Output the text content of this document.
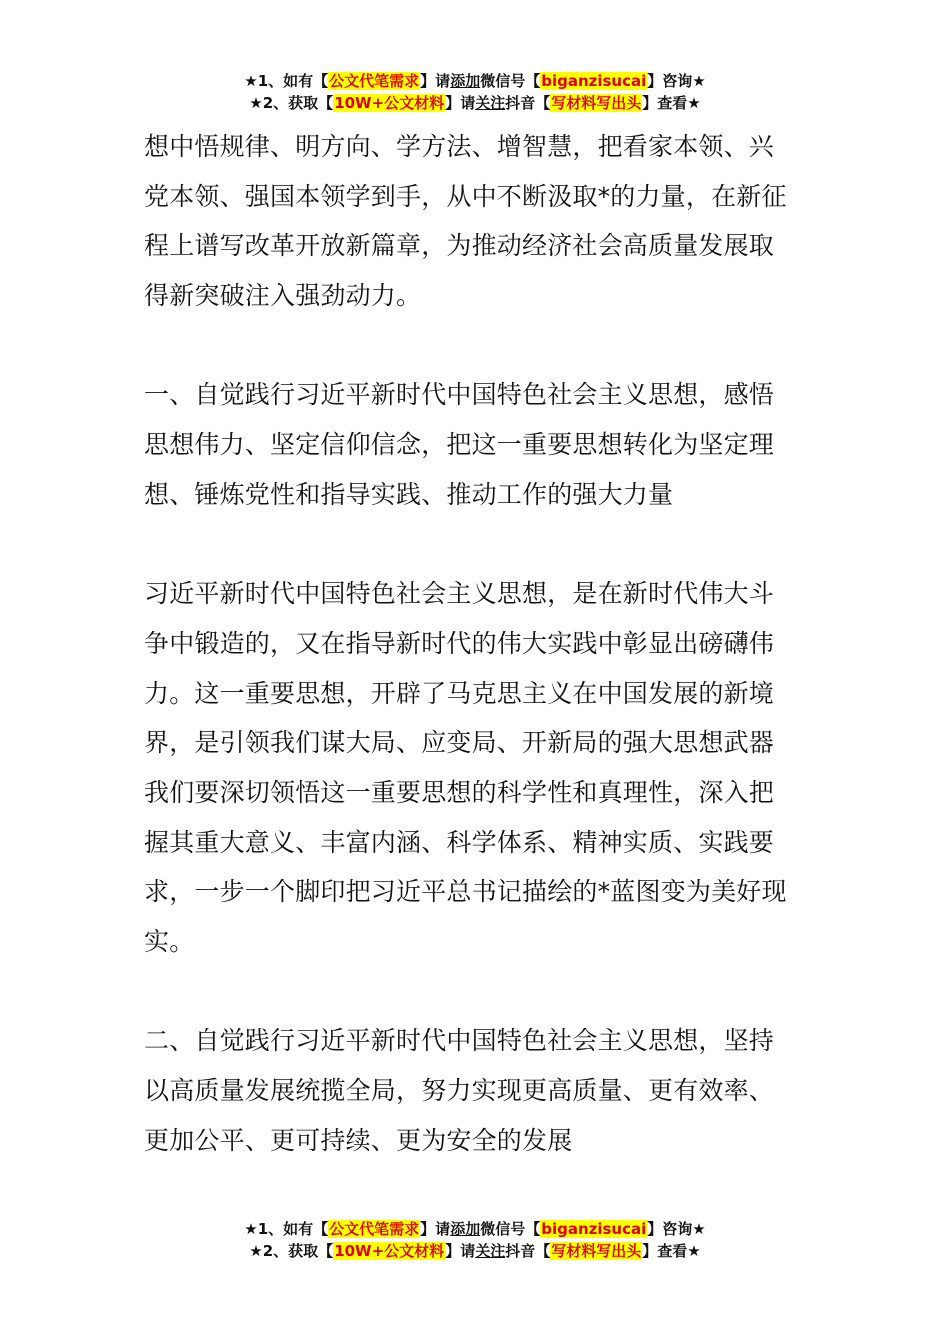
★1、如有【公文代笔需求】请添加微信号【biganzisucai】咨询★
★2、获取【10W+公文材料】请关注抖音【写材料写出头】查看★
想中悟规律、明方向、学方法、增智慧，把看家本领、兴
党本领、强国本领学到手，从中不断汲取*的力量，在新征
程上谱写改革开放新篇章，为推动经济社会高质量发展取
得新突破注入强劲动力。
一、自觉践行习近平新时代中国特色社会主义思想，感悟
思想伟力、坚定信仰信念，把这一重要思想转化为坚定理
想、锤炼党性和指导实践、推动工作的强大力量
习近平新时代中国特色社会主义思想，是在新时代伟大斗
争中锻造的，又在指导新时代的伟大实践中彰显出磅礴伟
力。这一重要思想，开辟了马克思主义在中国发展的新境
界，是引领我们谋大局、应变局、开新局的强大思想武器
我们要深切领悟这一重要思想的科学性和真理性，深入把
握其重大意义、丰富内涵、科学体系、精神实质、实践要
求，一步一个脚印把习近平总书记描绘的*蓝图变为美好现
实。
二、自觉践行习近平新时代中国特色社会主义思想，坚持
以高质量发展统揽全局，努力实现更高质量、更有效率、
更加公平、更可持续、更为安全的发展
★1、如有【公文代笔需求】请添加微信号【biganzisucai】咨询★
★2、获取【10W+公文材料】请关注抖音【写材料写出头】查看★
